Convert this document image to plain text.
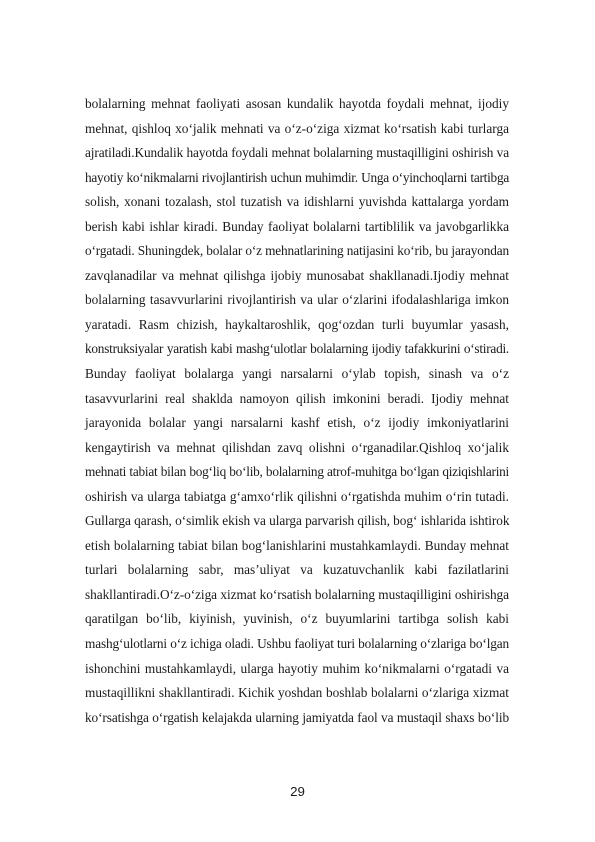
bolalarning mehnat faoliyati asosan kundalik hayotda foydali mehnat, ijodiy
mehnat, qishloq xo‘jalik mehnati va o‘z-o‘ziga xizmat ko‘rsatish kabi turlarga
ajratiladi.Kundalik hayotda foydali mehnat bolalarning mustaqilligini oshirish va
hayotiy ko‘nikmalarni rivojlantirish uchun muhimdir. Unga o‘yinchoqlarni tartibga
solish, xonani tozalash, stol tuzatish va idishlarni yuvishda kattalarga yordam
berish kabi ishlar kiradi. Bunday faoliyat bolalarni tartiblilik va javobgarlikka
o‘rgatadi. Shuningdek, bolalar o‘z mehnatlarining natijasini ko‘rib, bu jarayondan
zavqlanadilar va mehnat qilishga ijobiy munosabat shakllanadi.Ijodiy mehnat
bolalarning tasavvurlarini rivojlantirish va ular o‘zlarini ifodalashlariga imkon
yaratadi. Rasm chizish, haykaltaroshlik, qog‘ozdan turli buyumlar yasash,
konstruksiyalar yaratish kabi mashg‘ulotlar bolalarning ijodiy tafakkurini o‘stiradi.
Bunday faoliyat bolalarga yangi narsalarni o‘ylab topish, sinash va o‘z
tasavvurlarini real shaklda namoyon qilish imkonini beradi. Ijodiy mehnat
jarayonida bolalar yangi narsalarni kashf etish, o‘z ijodiy imkoniyatlarini
kengaytirish va mehnat qilishdan zavq olishni o‘rganadilar.Qishloq xo‘jalik
mehnati tabiat bilan bog‘liq bo‘lib, bolalarning atrof-muhitga bo‘lgan qiziqishlarini
oshirish va ularga tabiatga g‘amxo‘rlik qilishni o‘rgatishda muhim o‘rin tutadi.
Gullarga qarash, o‘simlik ekish va ularga parvarish qilish, bog‘ ishlarida ishtirok
etish bolalarning tabiat bilan bog‘lanishlarini mustahkamlaydi. Bunday mehnat
turlari bolalarning sabr, mas’uliyat va kuzatuvchanlik kabi fazilatlarini
shakllantiradi.O‘z-o‘ziga xizmat ko‘rsatish bolalarning mustaqilligini oshirishga
qaratilgan bo‘lib, kiyinish, yuvinish, o‘z buyumlarini tartibga solish kabi
mashg‘ulotlarni o‘z ichiga oladi. Ushbu faoliyat turi bolalarning o‘zlariga bo‘lgan
ishonchini mustahkamlaydi, ularga hayotiy muhim ko‘nikmalarni o‘rgatadi va
mustaqillikni shakllantiradi. Kichik yoshdan boshlab bolalarni o‘zlariga xizmat
ko‘rsatishga o‘rgatish kelajakda ularning jamiyatda faol va mustaqil shaxs bo‘lib
29
